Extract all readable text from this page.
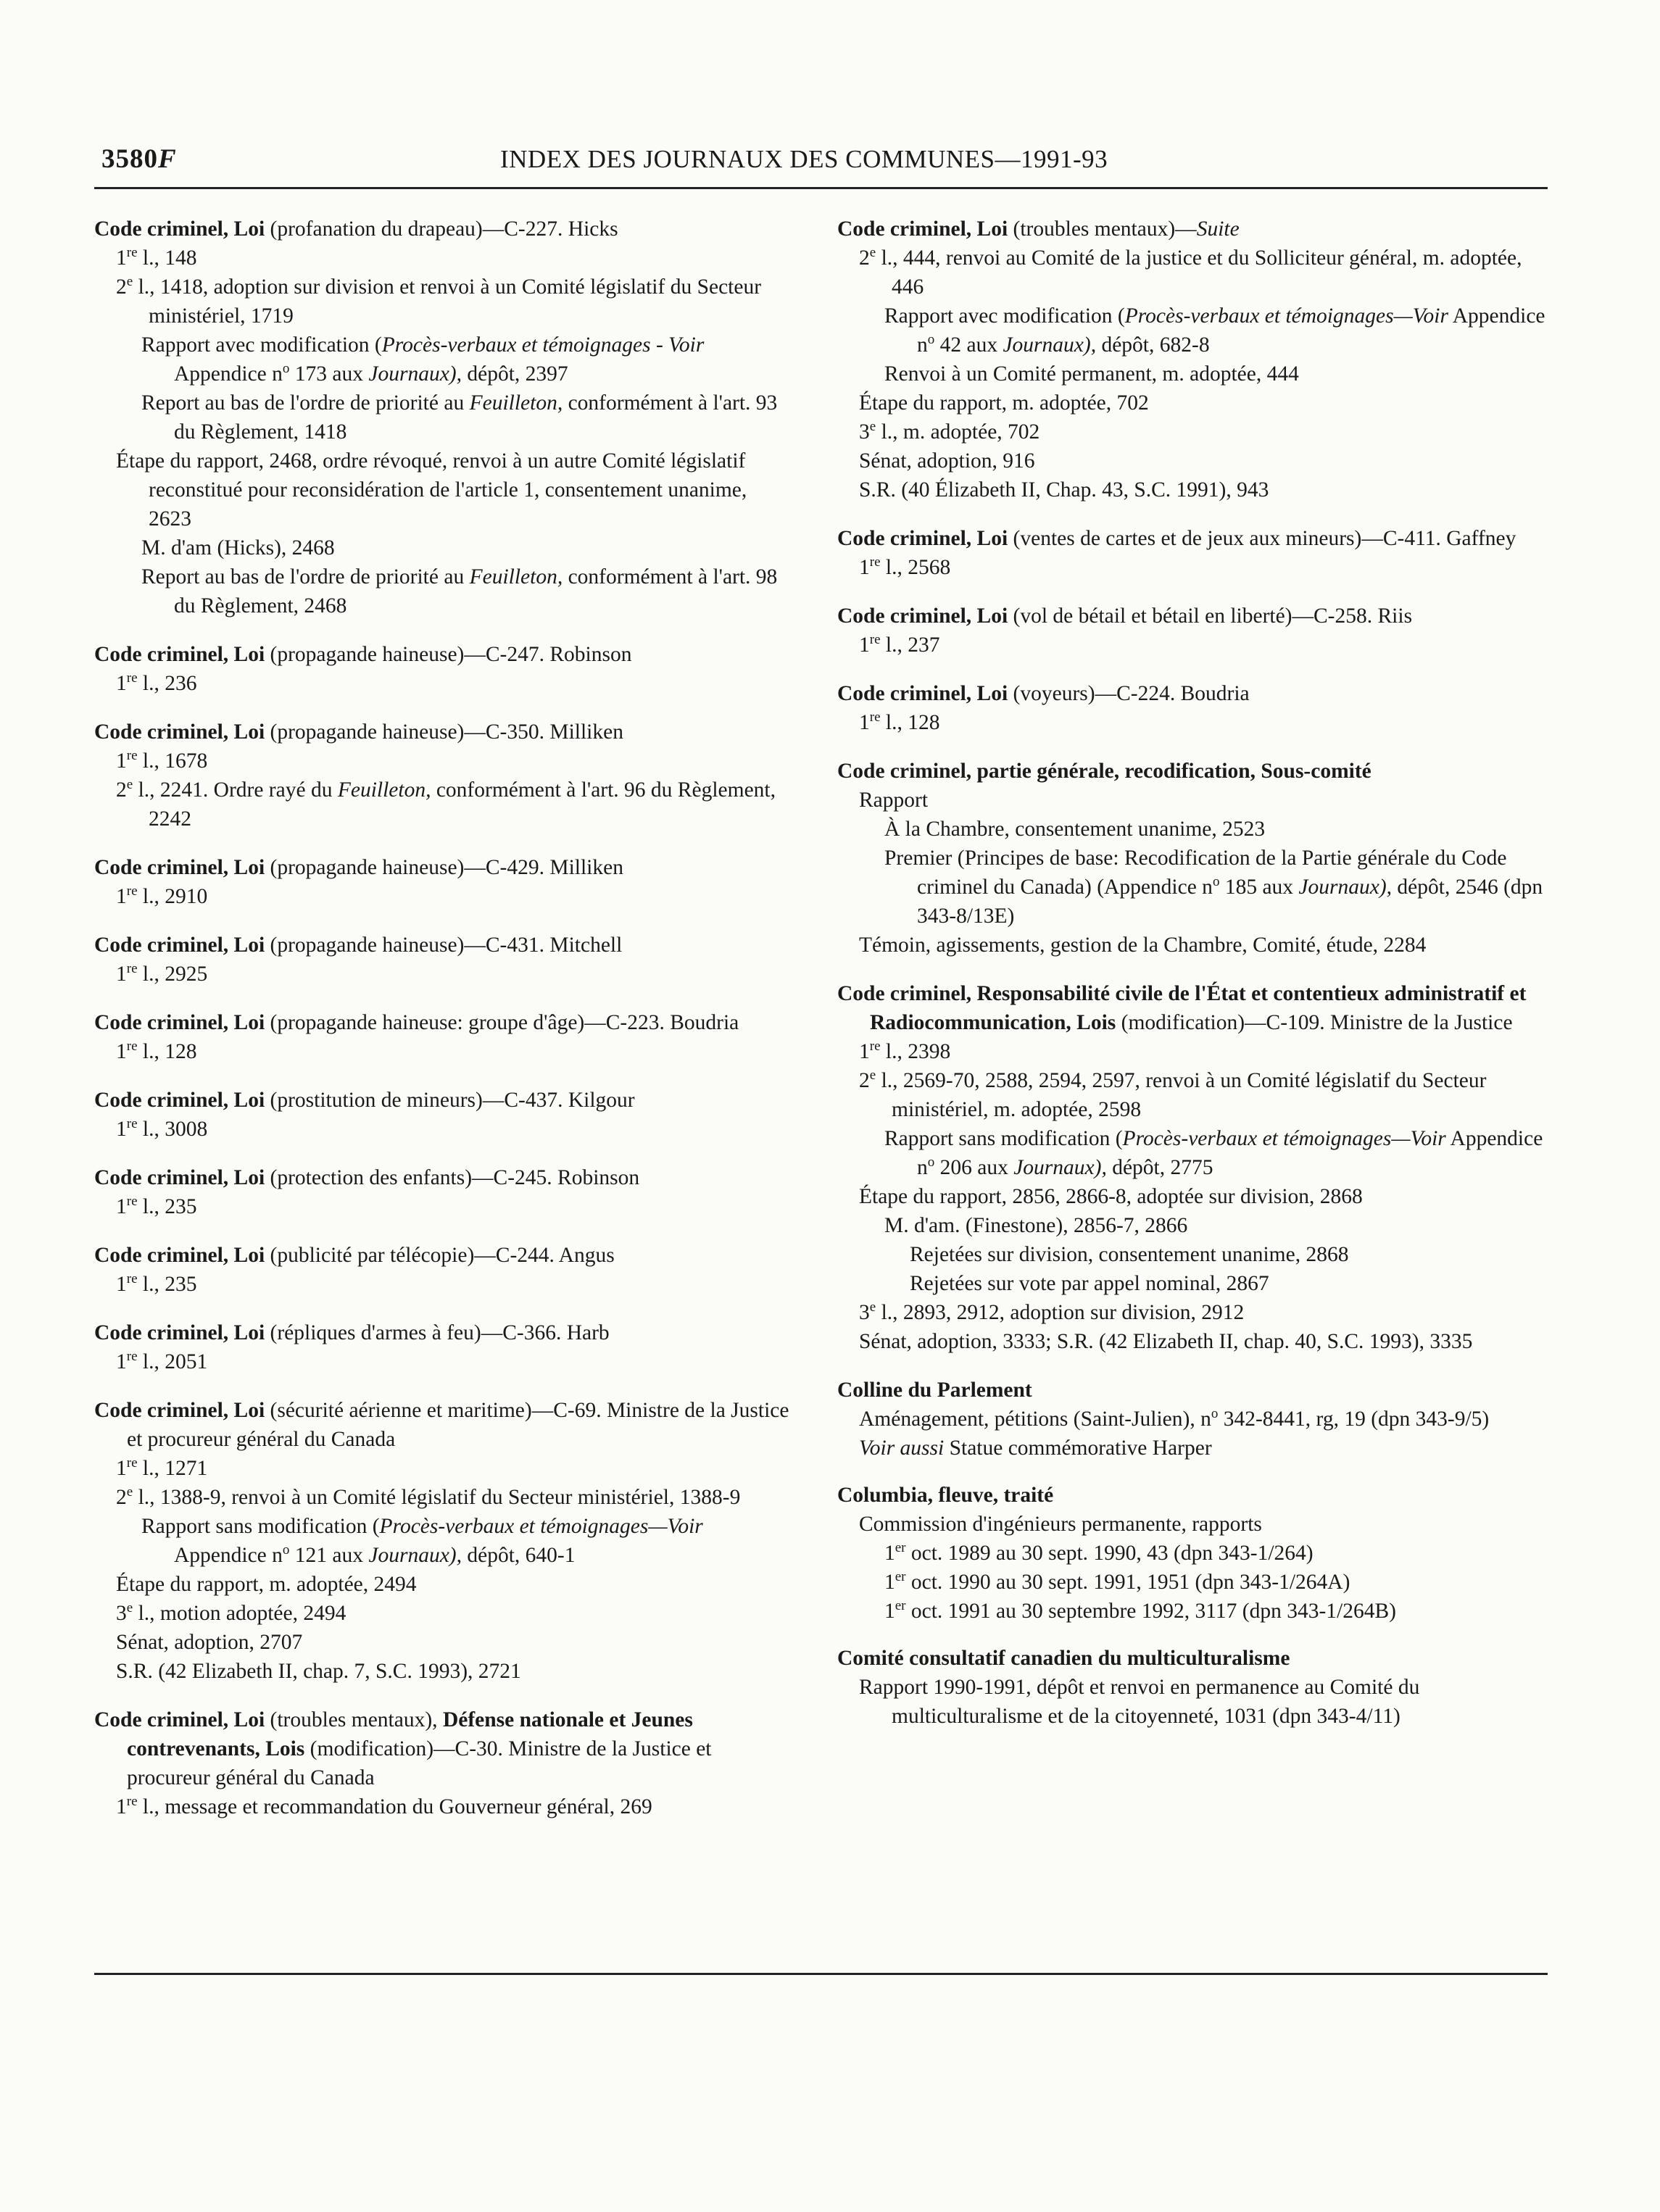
3580F	INDEX DES JOURNAUX DES COMMUNES—1991-93
Code criminel, Loi (profanation du drapeau)—C-227. Hicks
1re l., 148
2e l., 1418, adoption sur division et renvoi à un Comité législatif du Secteur ministériel, 1719
Rapport avec modification (Procès-verbaux et témoignages - Voir Appendice $n^o$ 173 aux Journaux), dépôt, 2397
Report au bas de l'ordre de priorité au Feuilleton, conformément à l'art. 93 du Règlement, 1418
Étape du rapport, 2468, ordre révoqué, renvoi à un autre Comité législatif reconstitué pour reconsidération de l'article 1, consentement unanime, 2623
M. d'am (Hicks), 2468
Report au bas de l'ordre de priorité au Feuilleton, conformément à l'art. 98 du Règlement, 2468
Code criminel, Loi (propagande haineuse)—C-247. Robinson
1re l., 236
Code criminel, Loi (propagande haineuse)—C-350. Milliken
1re l., 1678
2e l., 2241. Ordre rayé du Feuilleton, conformément à l'art. 96 du Règlement, 2242
Code criminel, Loi (propagande haineuse)—C-429. Milliken
1re l., 2910
Code criminel, Loi (propagande haineuse)—C-431. Mitchell
1re l., 2925
Code criminel, Loi (propagande haineuse: groupe d'âge)—C-223. Boudria
1re l., 128
Code criminel, Loi (prostitution de mineurs)—C-437. Kilgour
1re l., 3008
Code criminel, Loi (protection des enfants)—C-245. Robinson
1re l., 235
Code criminel, Loi (publicité par télécopie)—C-244. Angus
1re l., 235
Code criminel, Loi (répliques d'armes à feu)—C-366. Harb
1re l., 2051
Code criminel, Loi (sécurité aérienne et maritime)—C-69. Ministre de la Justice et procureur général du Canada
1re l., 1271
2e l., 1388-9, renvoi à un Comité législatif du Secteur ministériel, 1388-9
Rapport sans modification (Procès-verbaux et témoignages—Voir Appendice $n^o$ 121 aux Journaux), dépôt, 640-1
Étape du rapport, m. adoptée, 2494
3e l., motion adoptée, 2494
Sénat, adoption, 2707
S.R. (42 Elizabeth II, chap. 7, S.C. 1993), 2721
Code criminel, Loi (troubles mentaux), Défense nationale et Jeunes contrevenants, Lois (modification)—C-30. Ministre de la Justice et procureur général du Canada
1re l., message et recommandation du Gouverneur général, 269
Code criminel, Loi (troubles mentaux)—Suite
2e l., 444, renvoi au Comité de la justice et du Solliciteur général, m. adoptée, 446
Rapport avec modification (Procès-verbaux et témoignages—Voir Appendice $n^o$ 42 aux Journaux), dépôt, 682-8
Renvoi à un Comité permanent, m. adoptée, 444
Étape du rapport, m. adoptée, 702
3e l., m. adoptée, 702
Sénat, adoption, 916
S.R. (40 Élizabeth II, Chap. 43, S.C. 1991), 943
Code criminel, Loi (ventes de cartes et de jeux aux mineurs)—C-411. Gaffney
1re l., 2568
Code criminel, Loi (vol de bétail et bétail en liberté)—C-258. Riis
1re l., 237
Code criminel, Loi (voyeurs)—C-224. Boudria
1re l., 128
Code criminel, partie générale, recodification, Sous-comité
Rapport
À la Chambre, consentement unanime, 2523
Premier (Principes de base: Recodification de la Partie générale du Code criminel du Canada) (Appendice $n^o$ 185 aux Journaux), dépôt, 2546 (dpn 343-8/13E)
Témoin, agissements, gestion de la Chambre, Comité, étude, 2284
Code criminel, Responsabilité civile de l'État et contentieux administratif et Radiocommunication, Lois (modification)—C-109. Ministre de la Justice
1re l., 2398
2e l., 2569-70, 2588, 2594, 2597, renvoi à un Comité législatif du Secteur ministériel, m. adoptée, 2598
Rapport sans modification (Procès-verbaux et témoignages—Voir Appendice $n^o$ 206 aux Journaux), dépôt, 2775
Étape du rapport, 2856, 2866-8, adoptée sur division, 2868
M. d'am. (Finestone), 2856-7, 2866
Rejetées sur division, consentement unanime, 2868
Rejetées sur vote par appel nominal, 2867
3e l., 2893, 2912, adoption sur division, 2912
Sénat, adoption, 3333; S.R. (42 Elizabeth II, chap. 40, S.C. 1993), 3335
Colline du Parlement
Aménagement, pétitions (Saint-Julien), $n^o$ 342-8441, rg, 19 (dpn 343-9/5)
Voir aussi Statue commémorative Harper
Columbia, fleuve, traité
Commission d'ingénieurs permanente, rapports
1er oct. 1989 au 30 sept. 1990, 43 (dpn 343-1/264)
1er oct. 1990 au 30 sept. 1991, 1951 (dpn 343-1/264A)
1er oct. 1991 au 30 septembre 1992, 3117 (dpn 343-1/264B)
Comité consultatif canadien du multiculturalisme
Rapport 1990-1991, dépôt et renvoi en permanence au Comité du multiculturalisme et de la citoyenneté, 1031 (dpn 343-4/11)
